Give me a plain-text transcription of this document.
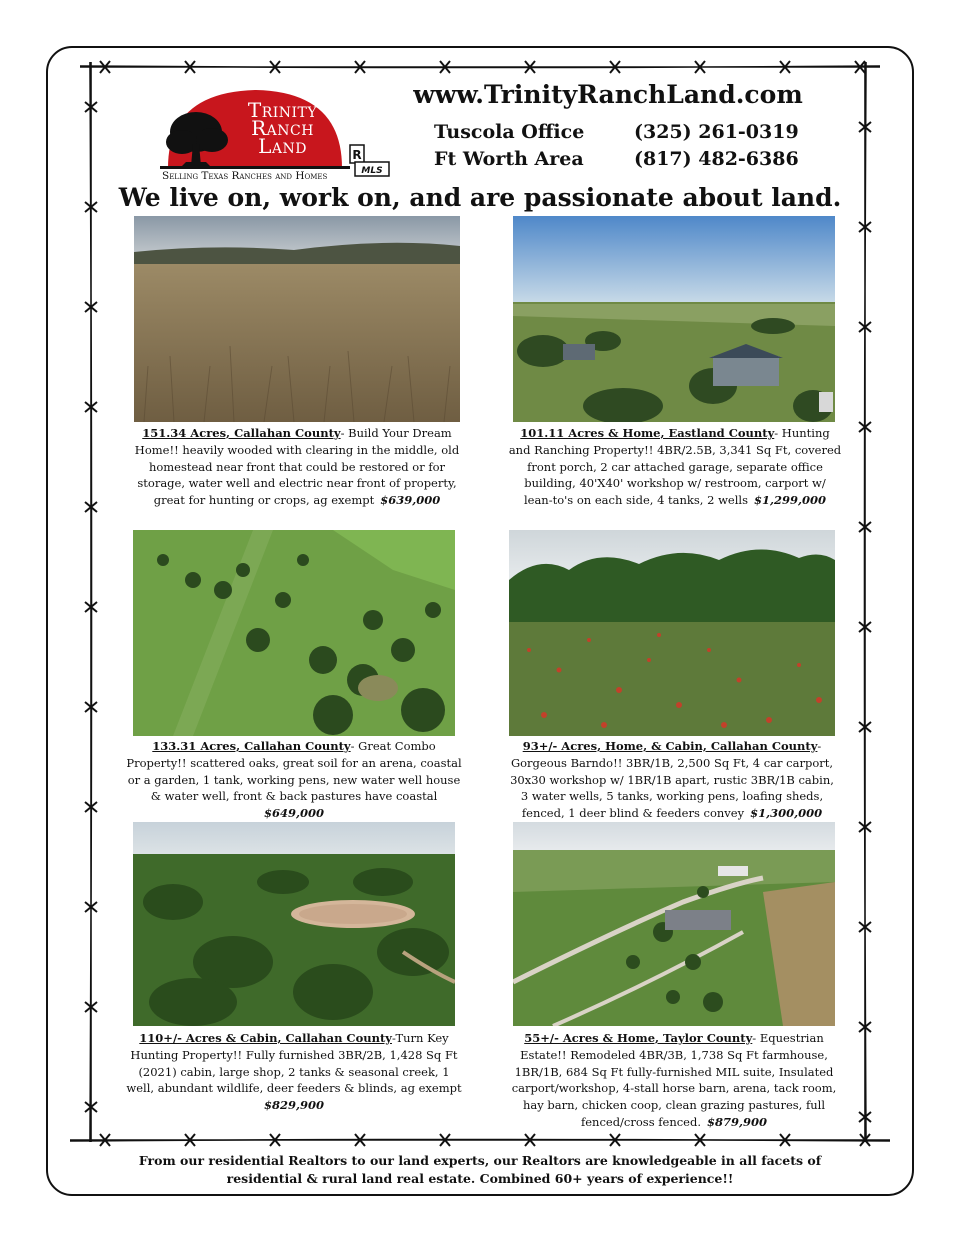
Trinity
Ranch
Land
Selling Texas Ranches and Homes
R
MLS
www.TrinityRanchLand.com
Tuscola Office	(325) 261-0319
Ft Worth Area	(817) 482-6386
We live on, work on, and are passionate about land.
151.34 Acres, Callahan County- Build Your Dream
Home!! heavily wooded with clearing in the middle, old
homestead near front that could be restored or for
storage, water well and electric near front of property,
great for hunting or crops, ag exempt $639,000
101.11 Acres & Home, Eastland County- Hunting
and Ranching Property!! 4BR/2.5B, 3,341 Sq Ft, covered
front porch, 2 car attached garage, separate office
building, 40'X40' workshop w/ restroom, carport w/
lean-to's on each side, 4 tanks, 2 wells $1,299,000
133.31 Acres, Callahan County- Great Combo
Property!! scattered oaks, great soil for an arena, coastal
or a garden, 1 tank, working pens, new water well house
& water well, front & back pastures have coastal

$649,000
93+/- Acres, Home, & Cabin, Callahan County-
Gorgeous Barndo!! 3BR/1B, 2,500 Sq Ft, 4 car carport,
30x30 workshop w/ 1BR/1B apart, rustic 3BR/1B cabin,
3 water wells, 5 tanks, working pens, loafing sheds,
fenced, 1 deer blind & feeders convey $1,300,000
110+/- Acres & Cabin, Callahan County-Turn Key
Hunting Property!! Fully furnished 3BR/2B, 1,428 Sq Ft
(2021) cabin, large shop, 2 tanks & seasonal creek, 1
well, abundant wildlife, deer feeders & blinds, ag exempt

$829,900
55+/- Acres & Home, Taylor County- Equestrian
Estate!! Remodeled 4BR/3B, 1,738 Sq Ft farmhouse,
1BR/1B, 684 Sq Ft fully-furnished MIL suite, Insulated
carport/workshop, 4-stall horse barn, arena, tack room,
hay barn, chicken coop, clean grazing pastures, full
fenced/cross fenced. $879,900
From our residential Realtors to our land experts, our Realtors are knowledgeable in all facets of
residential & rural land real estate. Combined 60+ years of experience!!
